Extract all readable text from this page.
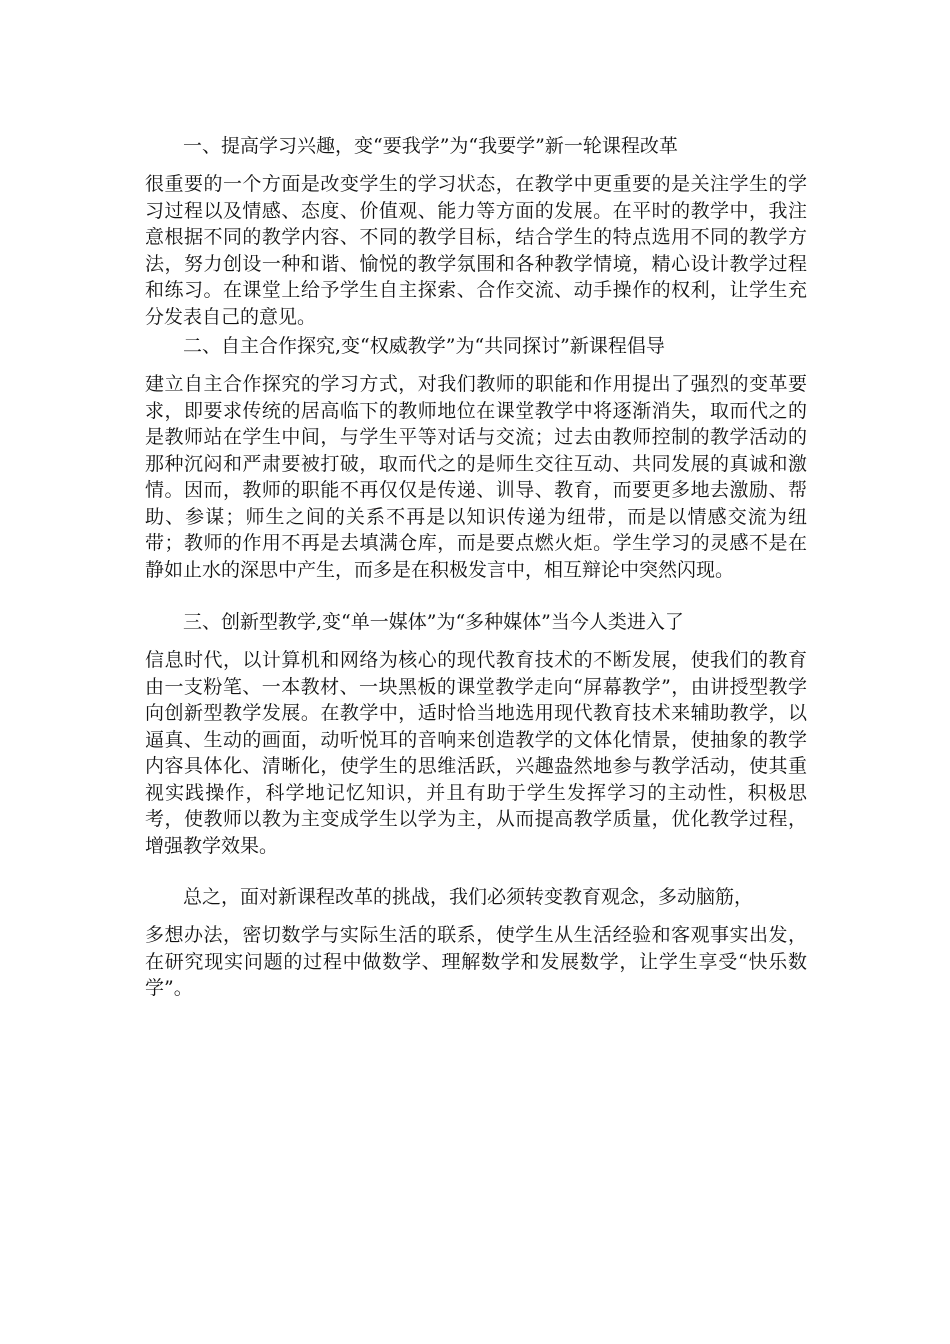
一、提高学习兴趣，变“要我学”为“我要学”新一轮课程改革

很重要的一个方面是改变学生的学习状态，在教学中更重要的是关注学生的学习过程以及情感、态度、价值观、能力等方面的发展。在平时的教学中，我注意根据不同的教学内容、不同的教学目标，结合学生的特点选用不同的教学方法，努力创设一种和谐、愉悦的教学氛围和各种教学情境，精心设计教学过程和练习。在课堂上给予学生自主探索、合作交流、动手操作的权利，让学生充分发表自己的意见。

二、自主合作探究,变“权威教学”为“共同探讨”新课程倡导

建立自主合作探究的学习方式，对我们教师的职能和作用提出了强烈的变革要求，即要求传统的居高临下的教师地位在课堂教学中将逐渐消失，取而代之的是教师站在学生中间，与学生平等对话与交流；过去由教师控制的教学活动的那种沉闷和严肃要被打破，取而代之的是师生交往互动、共同发展的真诚和激情。因而，教师的职能不再仅仅是传递、训导、教育，而要更多地去激励、帮助、参谋；师生之间的关系不再是以知识传递为纽带，而是以情感交流为纽带；教师的作用不再是去填满仓库，而是要点燃火炬。学生学习的灵感不是在静如止水的深思中产生，而多是在积极发言中，相互辩论中突然闪现。

三、创新型教学,变“单一媒体”为“多种媒体”当今人类进入了

信息时代，以计算机和网络为核心的现代教育技术的不断发展，使我们的教育由一支粉笔、一本教材、一块黑板的课堂教学走向“屏幕教学”，由讲授型教学向创新型教学发展。在教学中，适时恰当地选用现代教育技术来辅助教学，以逼真、生动的画面，动听悦耳的音响来创造教学的文体化情景，使抽象的教学内容具体化、清晰化，使学生的思维活跃，兴趣盎然地参与教学活动，使其重视实践操作，科学地记忆知识，并且有助于学生发挥学习的主动性，积极思考，使教师以教为主变成学生以学为主，从而提高教学质量，优化教学过程，增强教学效果。

总之，面对新课程改革的挑战，我们必须转变教育观念，多动脑筋，

多想办法，密切数学与实际生活的联系，使学生从生活经验和客观事实出发，在研究现实问题的过程中做数学、理解数学和发展数学，让学生享受“快乐数学”。
